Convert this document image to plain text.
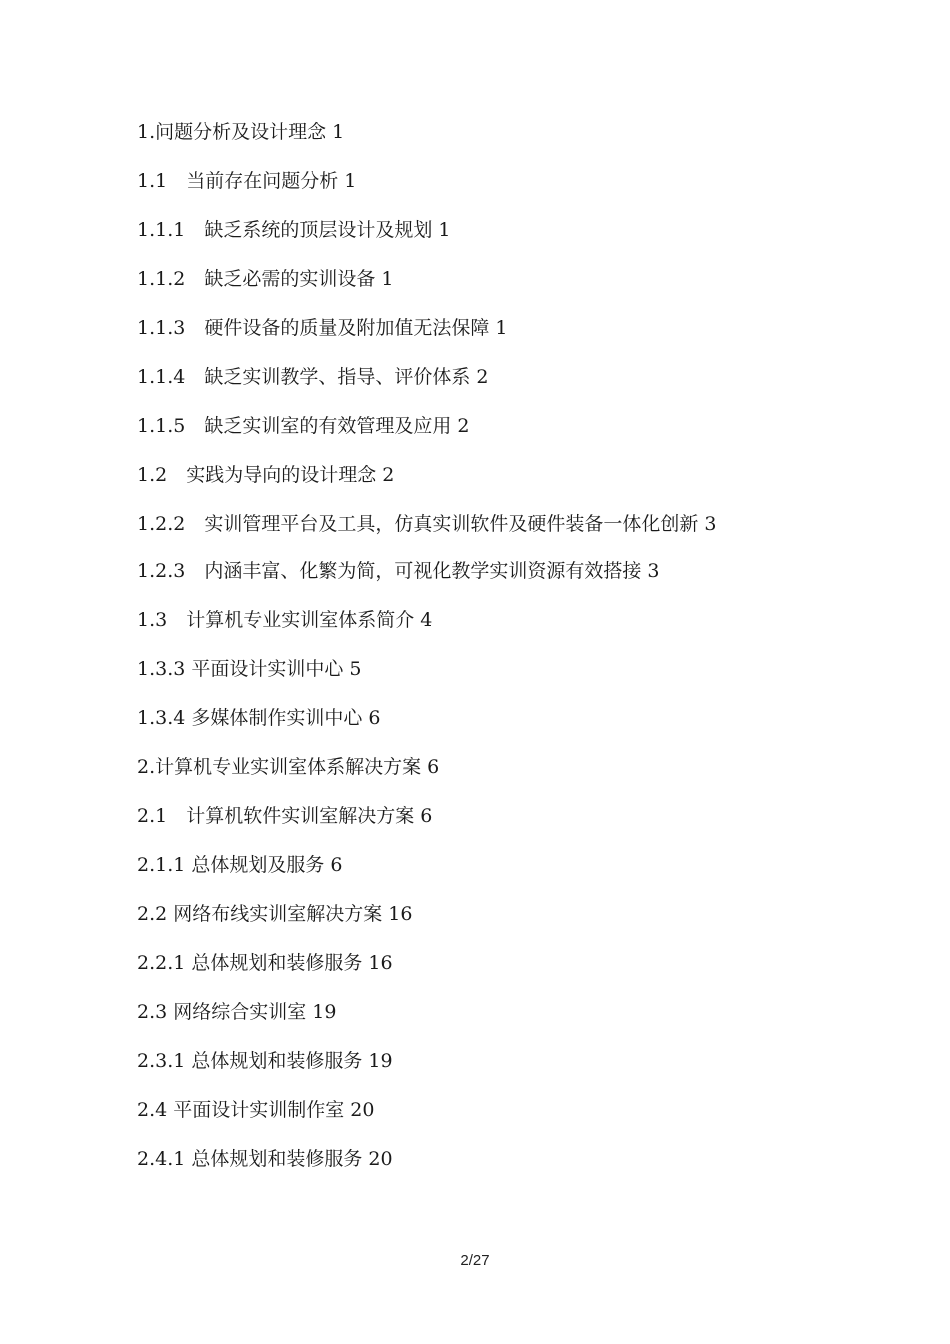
1.问题分析及设计理念 1
1.1　当前存在问题分析 1
1.1.1　缺乏系统的顶层设计及规划 1
1.1.2　缺乏必需的实训设备 1
1.1.3　硬件设备的质量及附加值无法保障 1
1.1.4　缺乏实训教学、指导、评价体系 2
1.1.5　缺乏实训室的有效管理及应用 2
1.2　实践为导向的设计理念 2
1.2.2　实训管理平台及工具，仿真实训软件及硬件装备一体化创新 3
1.2.3　内涵丰富、化繁为简，可视化教学实训资源有效搭接 3
1.3　计算机专业实训室体系简介 4
1.3.3 平面设计实训中心 5
1.3.4 多媒体制作实训中心 6
2.计算机专业实训室体系解决方案 6
2.1　计算机软件实训室解决方案 6
2.1.1 总体规划及服务 6
2.2 网络布线实训室解决方案 16
2.2.1 总体规划和装修服务 16
2.3 网络综合实训室 19
2.3.1 总体规划和装修服务 19
2.4 平面设计实训制作室 20
2.4.1 总体规划和装修服务 20
2/27
